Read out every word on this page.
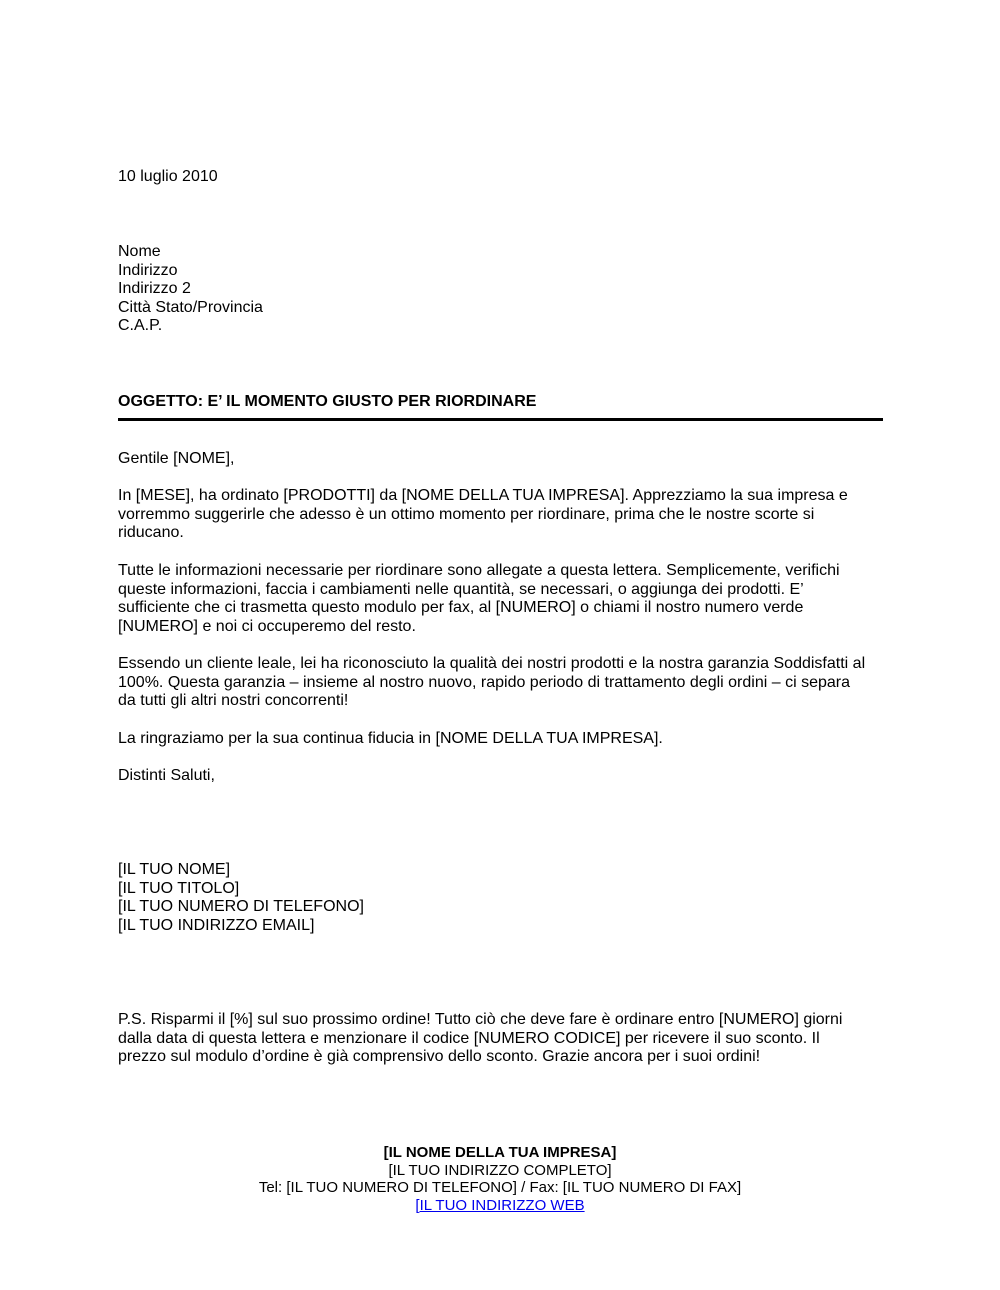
10 luglio 2010
Nome
Indirizzo
Indirizzo 2
Città Stato/Provincia
C.A.P.
OGGETTO: E’ IL MOMENTO GIUSTO PER RIORDINARE
Gentile [NOME],
In [MESE], ha ordinato [PRODOTTI] da [NOME DELLA TUA IMPRESA]. Apprezziamo la sua impresa e
vorremmo suggerirle che adesso è un ottimo momento per riordinare, prima che le nostre scorte si
riducano.
Tutte le informazioni necessarie per riordinare sono allegate a questa lettera. Semplicemente, verifichi
queste informazioni, faccia i cambiamenti nelle quantità, se necessari, o aggiunga dei prodotti. E’
sufficiente che ci trasmetta questo modulo per fax, al [NUMERO] o chiami il nostro numero verde
[NUMERO] e noi ci occuperemo del resto.
Essendo un cliente leale, lei ha riconosciuto la qualità dei nostri prodotti e la nostra garanzia Soddisfatti al
100%. Questa garanzia – insieme al nostro nuovo, rapido periodo di trattamento degli ordini – ci separa
da tutti gli altri nostri concorrenti!
La ringraziamo per la sua continua fiducia in [NOME DELLA TUA IMPRESA].
Distinti Saluti,
[IL TUO NOME]
[IL TUO TITOLO]
[IL TUO NUMERO DI TELEFONO]
[IL TUO INDIRIZZO EMAIL]
P.S. Risparmi il [%] sul suo prossimo ordine! Tutto ciò che deve fare è ordinare entro [NUMERO] giorni
dalla data di questa lettera e menzionare il codice [NUMERO CODICE] per ricevere il suo sconto. Il
prezzo sul modulo d’ordine è già comprensivo dello sconto. Grazie ancora per i suoi ordini!
[IL NOME DELLA TUA IMPRESA]
[IL TUO INDIRIZZO COMPLETO]
Tel: [IL TUO NUMERO DI TELEFONO] / Fax: [IL TUO NUMERO DI FAX]
[IL TUO INDIRIZZO WEB
